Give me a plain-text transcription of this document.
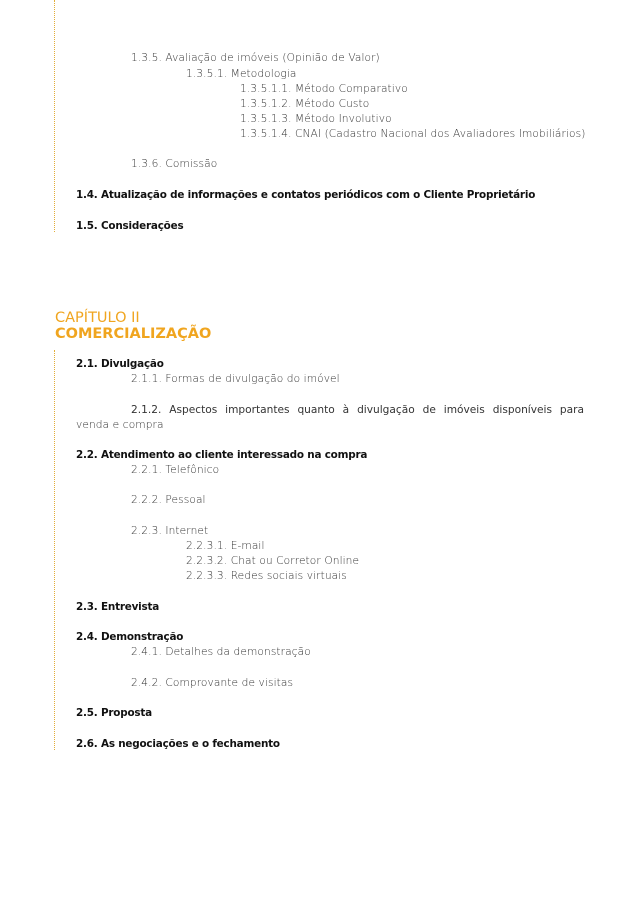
1.3.5. Avaliação de imóveis (Opinião de Valor)
1.3.5.1. Metodologia
1.3.5.1.1. Método Comparativo
1.3.5.1.2. Método Custo
1.3.5.1.3. Método Involutivo
1.3.5.1.4. CNAI (Cadastro Nacional dos Avaliadores Imobiliários)
1.3.6. Comissão
1.4. Atualização de informações e contatos periódicos com o Cliente Proprietário
1.5. Considerações
CAPÍTULO II
COMERCIALIZAÇÃO
2.1. Divulgação
2.1.1. Formas de divulgação do imóvel
2.1.2. Aspectos importantes quanto à divulgação de imóveis disponíveis para
venda e compra
2.2. Atendimento ao cliente interessado na compra
2.2.1. Telefônico
2.2.2. Pessoal
2.2.3. Internet
2.2.3.1. E-mail
2.2.3.2. Chat ou Corretor Online
2.2.3.3. Redes sociais virtuais
2.3. Entrevista
2.4. Demonstração
2.4.1. Detalhes da demonstração
2.4.2. Comprovante de visitas
2.5. Proposta
2.6. As negociações e o fechamento
